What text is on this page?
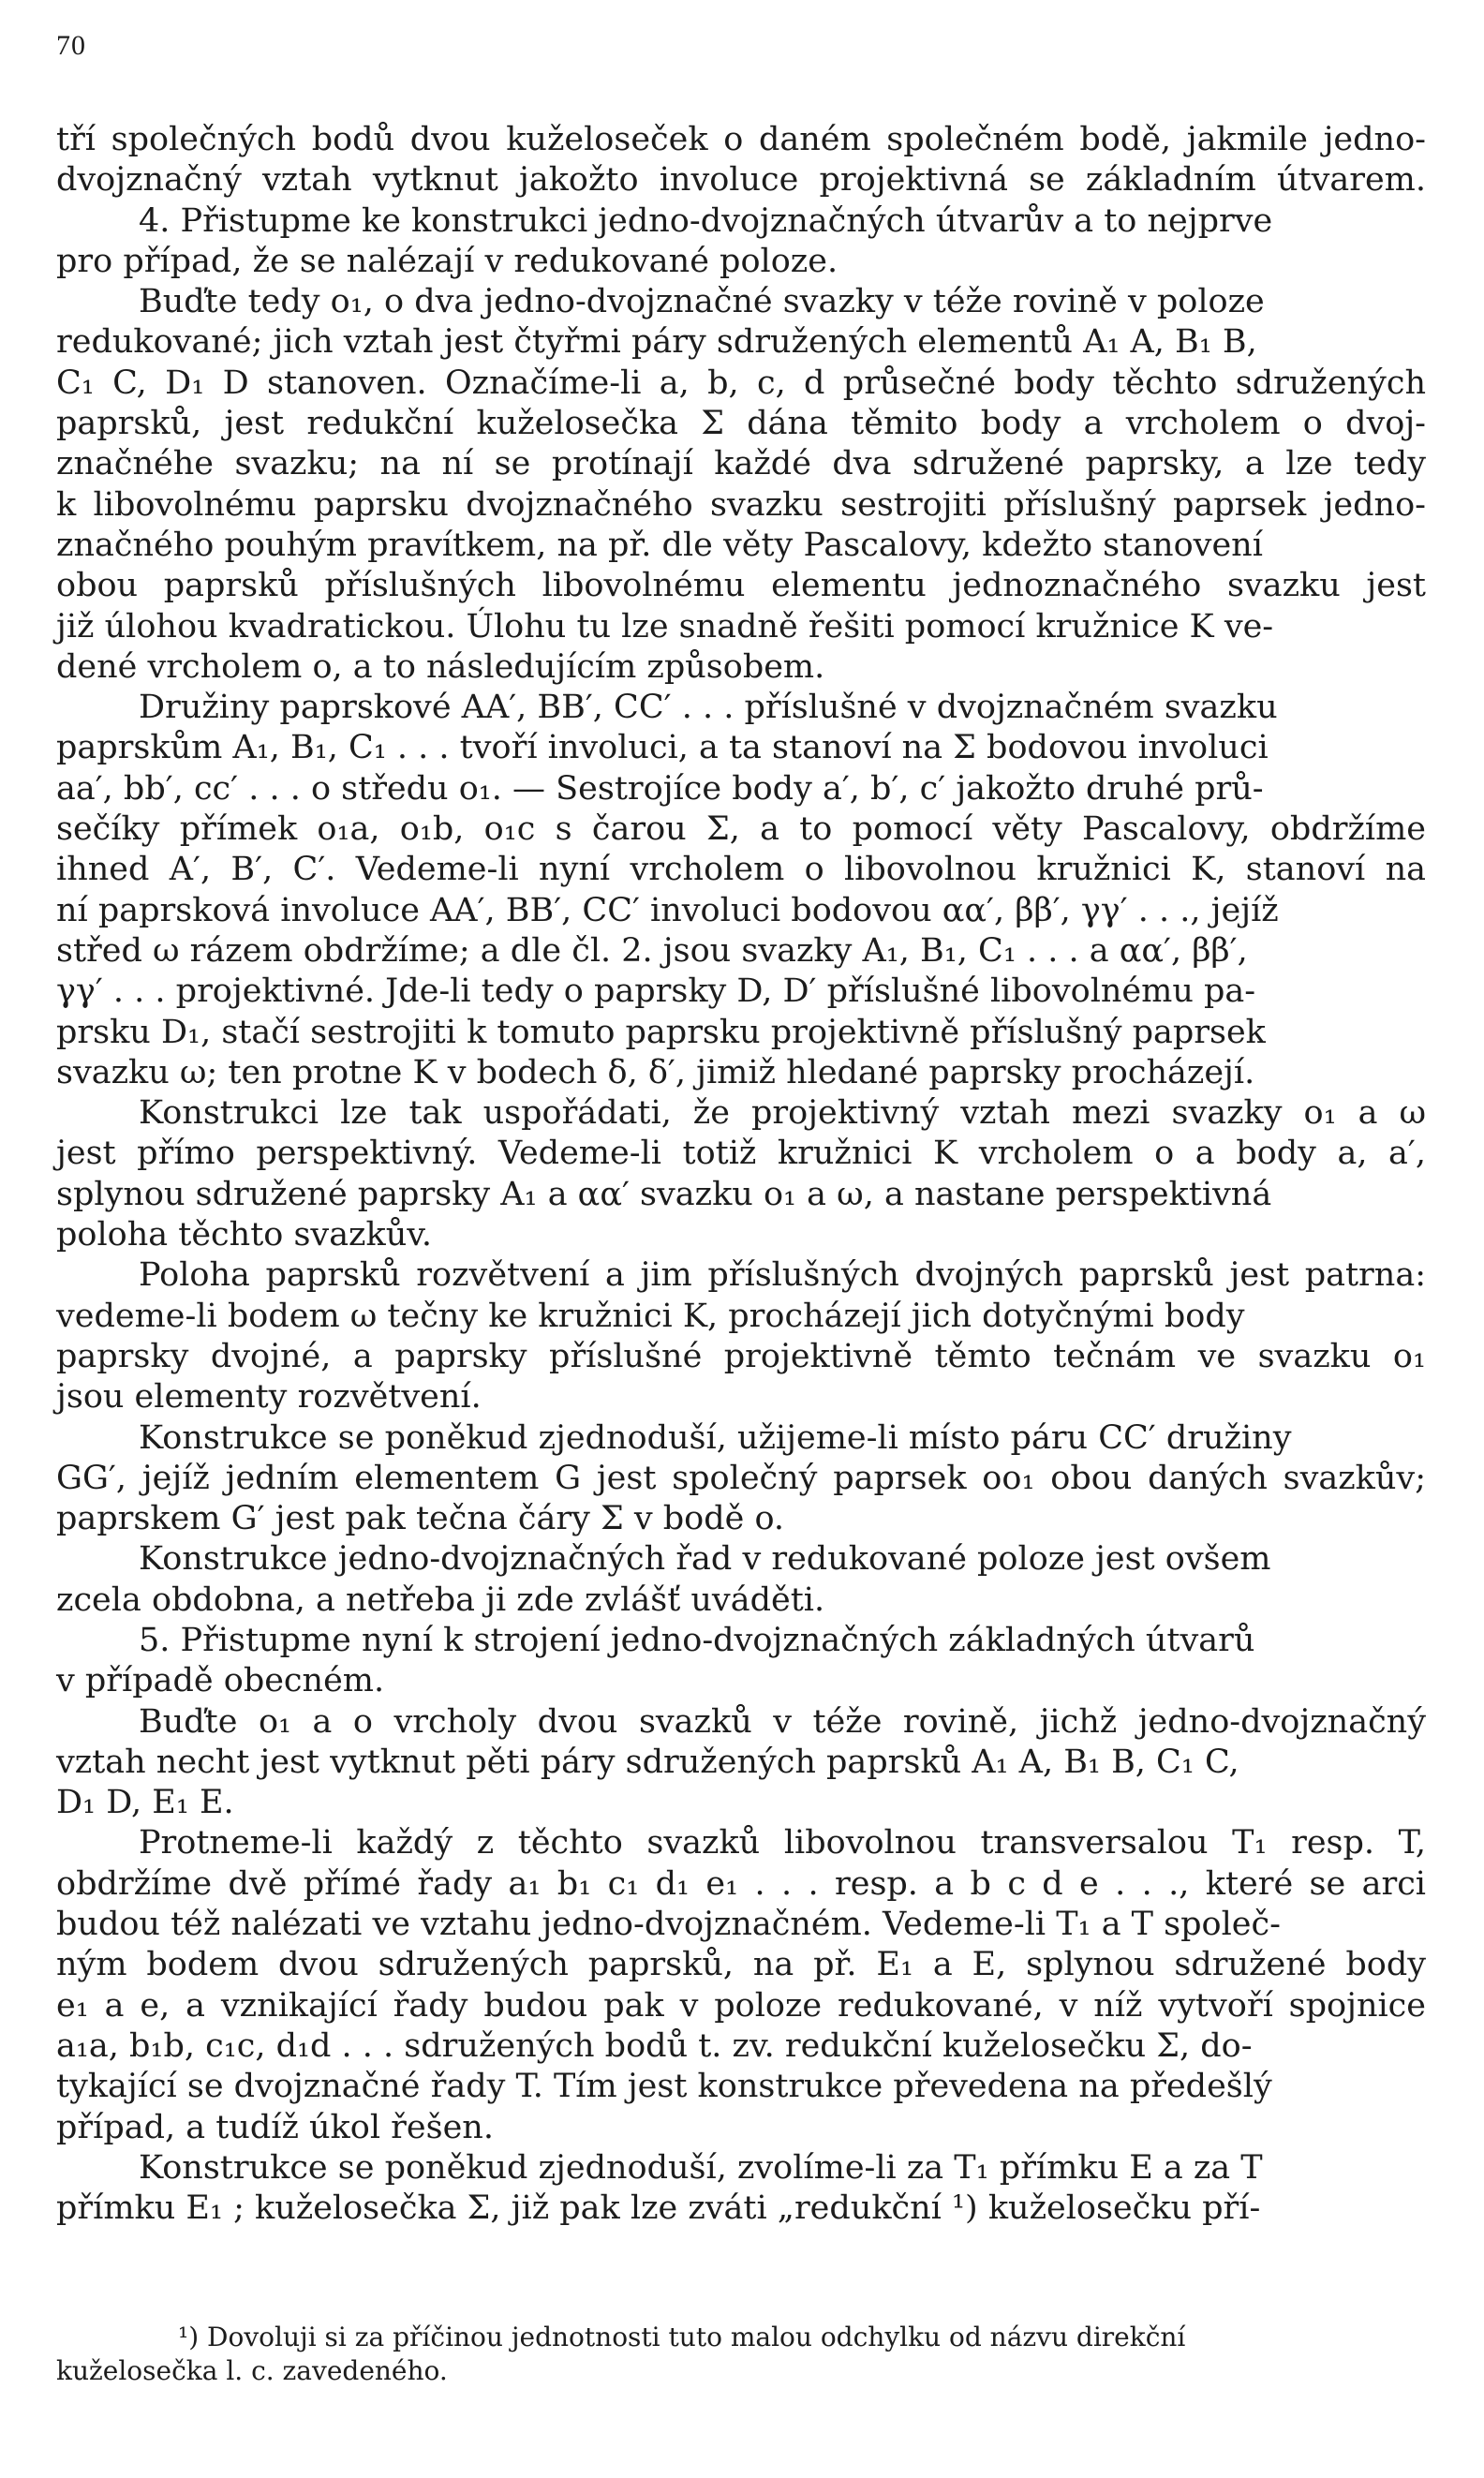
70
tří společných bodů dvou kuželoseček o daném společném bodě, jakmile jedno-
dvojznačný vztah vytknut jakožto involuce projektivná se základním útvarem.
4. Přistupme ke konstrukci jedno-dvojznačných útvarův a to nejprve
pro případ, že se nalézají v redukované poloze.
Buďte tedy o₁, o dva jedno-dvojznačné svazky v téže rovině v poloze
redukované; jich vztah jest čtyřmi páry sdružených elementů A₁ A, B₁ B,
C₁ C, D₁ D stanoven. Označíme-li a, b, c, d průsečné body těchto sdružených
paprsků, jest redukční kuželosečka Σ dána těmito body a vrcholem o dvoj-
značnéhe svazku; na ní se protínají každé dva sdružené paprsky, a lze tedy
k libovolnému paprsku dvojznačného svazku sestrojiti příslušný paprsek jedno-
značného pouhým pravítkem, na př. dle věty Pascalovy, kdežto stanovení
obou paprsků příslušných libovolnému elementu jednoznačného svazku jest
již úlohou kvadratickou. Úlohu tu lze snadně řešiti pomocí kružnice K ve-
dené vrcholem o, a to následujícím způsobem.
Družiny paprskové AA′, BB′, CC′ . . . příslušné v dvojznačném svazku
paprskům A₁, B₁, C₁ . . . tvoří involuci, a ta stanoví na Σ bodovou involuci
aa′, bb′, cc′ . . . o středu o₁. — Sestrojíce body a′, b′, c′ jakožto druhé prů-
sečíky přímek o₁a, o₁b, o₁c s čarou Σ, a to pomocí věty Pascalovy, obdržíme
ihned A′, B′, C′. Vedeme-li nyní vrcholem o libovolnou kružnici K, stanoví na
ní paprsková involuce AA′, BB′, CC′ involuci bodovou αα′, ββ′, γγ′ . . ., jejíž
střed ω rázem obdržíme; a dle čl. 2. jsou svazky A₁, B₁, C₁ . . . a αα′, ββ′,
γγ′ . . . projektivné. Jde-li tedy o paprsky D, D′ příslušné libovolnému pa-
prsku D₁, stačí sestrojiti k tomuto paprsku projektivně příslušný paprsek
svazku ω; ten protne K v bodech δ, δ′, jimiž hledané paprsky procházejí.
Konstrukci lze tak uspořádati, že projektivný vztah mezi svazky o₁ a ω
jest přímo perspektivný. Vedeme-li totiž kružnici K vrcholem o a body a, a′,
splynou sdružené paprsky A₁ a αα′ svazku o₁ a ω, a nastane perspektivná
poloha těchto svazkův.
Poloha paprsků rozvětvení a jim příslušných dvojných paprsků jest patrna:
vedeme-li bodem ω tečny ke kružnici K, procházejí jich dotyčnými body
paprsky dvojné, a paprsky příslušné projektivně těmto tečnám ve svazku o₁
jsou elementy rozvětvení.
Konstrukce se poněkud zjednoduší, užijeme-li místo páru CC′ družiny
GG′, jejíž jedním elementem G jest společný paprsek oo₁ obou daných svazkův;
paprskem G′ jest pak tečna čáry Σ v bodě o.
Konstrukce jedno-dvojznačných řad v redukované poloze jest ovšem
zcela obdobna, a netřeba ji zde zvlášť uváděti.
5. Přistupme nyní k strojení jedno-dvojznačných základných útvarů
v případě obecném.
Buďte o₁ a o vrcholy dvou svazků v téže rovině, jichž jedno-dvojznačný
vztah necht jest vytknut pěti páry sdružených paprsků A₁ A, B₁ B, C₁ C,
D₁ D, E₁ E.
Protneme-li každý z těchto svazků libovolnou transversalou T₁ resp. T,
obdržíme dvě přímé řady a₁ b₁ c₁ d₁ e₁ . . . resp. a b c d e . . ., které se arci
budou též nalézati ve vztahu jedno-dvojznačném. Vedeme-li T₁ a T společ-
ným bodem dvou sdružených paprsků, na př. E₁ a E, splynou sdružené body
e₁ a e, a vznikající řady budou pak v poloze redukované, v níž vytvoří spojnice
a₁a, b₁b, c₁c, d₁d . . . sdružených bodů t. zv. redukční kuželosečku Σ, do-
tykající se dvojznačné řady T. Tím jest konstrukce převedena na předešlý
případ, a tudíž úkol řešen.
Konstrukce se poněkud zjednoduší, zvolíme-li za T₁ přímku E a za T
přímku E₁ ; kuželosečka Σ, již pak lze zváti „redukční ¹) kuželosečku pří-
¹) Dovoluji si za příčinou jednotnosti tuto malou odchylku od názvu direkční
kuželosečka l. c. zavedeného.
